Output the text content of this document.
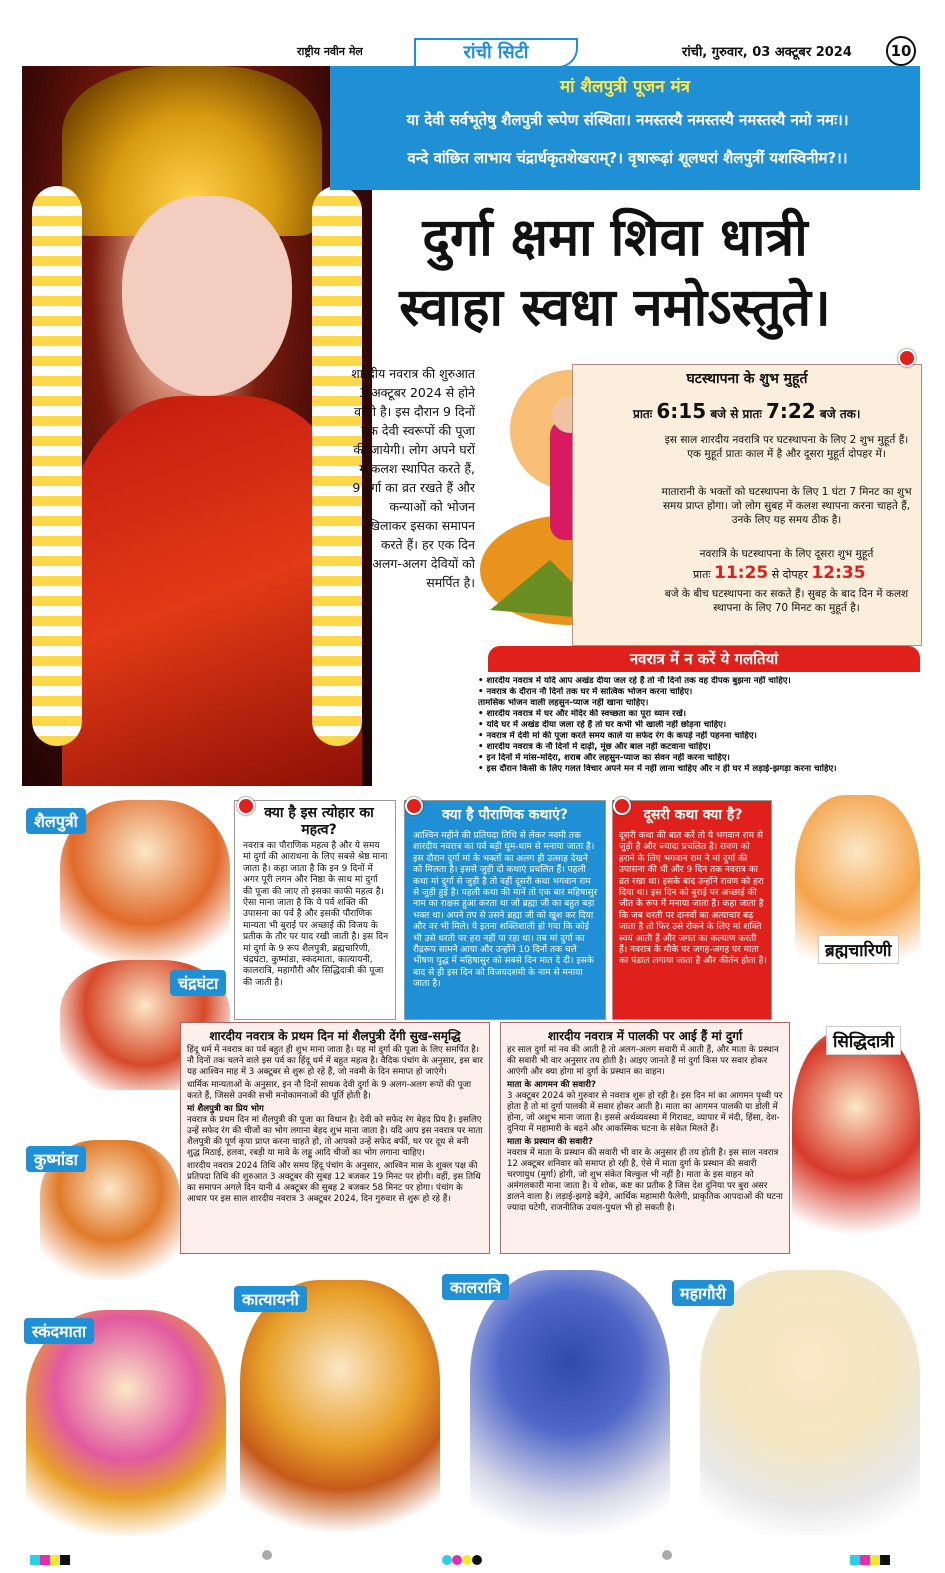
राष्ट्रीय नवीन मेल	रांची सिटी	रांची, गुरुवार, 03 अक्टूबर 2024	10
मां शैलपुत्री पूजन मंत्र
या देवी सर्वभूतेषु शैलपुत्री रूपेण संस्थिता। नमस्तस्यै नमस्तस्यै नमस्तस्यै नमो नमः।।
वन्दे वांछित लाभाय चंद्रार्धकृतशेखराम्?। वृषारूढ़ां शूलधरां शैलपुत्रीं यशस्विनीम?।।
दुर्गा क्षमा शिवा धात्री
स्वाहा स्वधा नमोऽस्तुते।
शारदीय नवरात्र की शुरुआत 3 अक्टूबर 2024 से होने वाली है। इस दौरान 9 दिनों तक देवी स्वरूपों की पूजा की जायेगी। लोग अपने घरों में कलश स्थापित करते हैं, 9 दुर्गा का व्रत रखते हैं और कन्याओं को भोजन खिलाकर इसका समापन करते हैं। हर एक दिन अलग-अलग देवियों को समर्पित है।
घटस्थापना के शुभ मुहूर्त
प्रातः 6:15 बजे से प्रातः 7:22 बजे तक।
इस साल शारदीय नवरात्रि पर घटस्थापना के लिए 2 शुभ मुहूर्त हैं। एक मुहूर्त प्रातः काल में है और दूसरा मुहूर्त दोपहर में।
मातारानी के भक्तों को घटस्थापना के लिए 1 घंटा 7 मिनट का शुभ समय प्राप्त होगा। जो लोग सुबह में कलश स्थापना करना चाहते हैं, उनके लिए यह समय ठीक है।
नवरात्रि के घटस्थापना के लिए दूसरा शुभ मुहूर्त
प्रातः 11:25 से दोपहर 12:35
बजे के बीच घटस्थापना कर सकते हैं। सुबह के बाद दिन में कलश स्थापना के लिए 70 मिनट का मुहूर्त है।
नवरात्र में न करें ये गलतियां
• शारदीय नवरात्र में यदि आप अखंड दीया जल रहे हैं तो नौ दिनों तक वह दीपक बुझना नहीं चाहिए।
• नवरात्र के दौरान नौ दिनों तक घर में सात्विक भोजन करना चाहिए।
तामसिक भोजन वाली लहसुन-प्याज नहीं खाना चाहिए।
• शारदीय नवरात्र में घर और मंदिर की स्वच्छता का पूरा ध्यान रखें।
• यदि घर में अखंड दीया जला रहे हैं तो घर कभी भी खाली नहीं छोड़ना चाहिए।
• नवरात्र में देवी मां की पूजा करते समय काले या सफेद रंग के कपड़े नहीं पहनना चाहिए।
• शारदीय नवरात्र के नौ दिनों में दाढ़ी, मूंछ और बाल नहीं कटवाना चाहिए।
• इन दिनों में मांस-मदिरा, शराब और लहसुन-प्याज का सेवन नहीं करना चाहिए।
• इस दौरान किसी के लिए गलत विचार अपने मन में नहीं लाना चाहिए और न ही घर में लड़ाई-झगड़ा करना चाहिए।
शैलपुत्री
ब्रह्मचारिणी
चंद्रघंटा
क्या है इस त्योहार का महत्व?
नवरात्र का पौराणिक महत्व है और ये समय मां दुर्गा की आराधना के लिए सबसे श्रेष्ठ माना जाता है। कहा जाता है कि इन 9 दिनों में अगर पूरी लगन और निष्ठा के साथ मां दुर्गा की पूजा की जाए तो इसका काफी महत्व है। ऐसा माना जाता है कि ये पर्व शक्ति की उपासना का पर्व है और इसकी पौराणिक मान्यता भी बुराई पर अच्छाई की विजय के प्रतीक के तौर पर याद रखी जाती है। इस दिन मां दुर्गा के 9 रूप शैलपुत्री, ब्रह्मचारिणी, चंद्रघंटा, कुष्मांडा, स्कंदमाता, कात्यायनी, कालरात्रि, महागौरी और सिद्धिदात्री की पूजा की जाती है।
क्या है पौराणिक कथाएं?
आश्विन महीने की प्रतिपदा तिथि से लेकर नवमी तक शारदीय नवरात्र का पर्व बड़ी धूम-धाम से मनाया जाता है। इस दौरान दुर्गा मां के भक्तों का अलग ही उत्साह देखने को मिलता है। इससे जुड़ी दो कथाएं प्रचलित हैं। पहली कथा मां दुर्गा से जुड़ी है तो वहीं दूसरी कथा भगवान राम से जुड़ी हुई है। पहली कथा की मानें तो एक बार महिषासुर नाम का राक्षस हुआ करता था जो ब्रह्मा जी का बहुत बड़ा भक्त था। अपने तप से उसने ब्रह्मा जी को खुश कर दिया और वर भी मिले। ये इतना शक्तिशाली हो गया कि कोई भी उसे धरती पर हरा नहीं पा रहा था। तब मां दुर्गा का रौद्ररूप सामने आया और उन्होंने 10 दिनों तक चले भीषण युद्ध में महिषासुर को सबसे दिन मात दे दी। इसके बाद से ही इस दिन को विजयदशमी के नाम से मनाया जाता है।
दूसरी कथा क्या है?
दूसरी कथा की बात करें तो ये भगवान राम से जुड़ी है और ज्यादा प्रचलित है। रावण को हराने के लिए भगवान राम ने मां दुर्गा की उपासना की थी और 9 दिन तक नवरात्र का व्रत रखा था। इसके बाद उन्होंने रावण को हरा दिया था। इस दिन को बुराई पर अच्छाई की जीत के रूप में मनाया जाता है। कहा जाता है कि जब धरती पर दानवों का अत्याचार बढ़ जाता है तो फिर उसे रोकने के लिए मां शक्ति स्वयं आती हैं और जगत का कल्याण करती हैं। नवरात्र के मौके पर जगह-जगह पर माता का पंडाल लगाया जाता है और कीर्तन होता है।
शारदीय नवरात्र के प्रथम दिन मां शैलपुत्री देंगी सुख-समृद्धि
हिंदू धर्म में नवरात्र का पर्व बहुत ही शुभ माना जाता है। यह मां दुर्गा की पूजा के लिए समर्पित है। नौ दिनों तक चलने वाले इस पर्व का हिंदू धर्म में बहुत महत्व है। वैदिक पंचांग के अनुसार, इस बार यह आश्विन माह में 3 अक्टूबर से शुरू हो रहे हैं, जो नवमी के दिन समाप्त हो जाएंगे।
धार्मिक मान्यताओं के अनुसार, इन नौ दिनों साधक देवी दुर्गा के 9 अलग-अलग रूपों की पूजा करते हैं, जिससे उनकी सभी मनोकामनाओं की पूर्ति होती है।
मां शैलपुत्री का प्रिय भोग
नवरात्र के प्रथम दिन मां शैलपुत्री की पूजा का विधान है। देवी को सफेद रंग बेहद प्रिय है। इसलिए उन्हें सफेद रंग की चीजों का भोग लगाना बेहद शुभ माना जाता है। यदि आप इस नवरात्र पर माता शैलपुत्री की पूर्ण कृपा प्राप्त करना चाहते हो, तो आपको उन्हें सफेद बर्फी, घर पर दूध से बनी शुद्ध मिठाई, हलवा, रबड़ी या मावे के लड्डू आदि चीजों का भोग लगाना चाहिए।
शारदीय नवरात्र 2024 तिथि और समय हिंदू पंचांग के अनुसार, आश्विन मास के शुक्ल पक्ष की प्रतिपदा तिथि की शुरुआत 3 अक्टूबर की सुबह 12 बजकर 19 मिनट पर होगी। वहीं, इस तिथि का समापन अगले दिन यानी 4 अक्टूबर की सुबह 2 बजकर 58 मिनट पर होगा। पंचांग के आधार पर इस साल शारदीय नवरात्र 3 अक्टूबर 2024, दिन गुरुवार से शुरू हो रहे हैं।
शारदीय नवरात्र में पालकी पर आई हैं मां दुर्गा
हर साल दुर्गा मां नव की आती है तो अलग-अलग सवारी में आती हैं, और माता के प्रस्थान की सवारी भी वार अनुसार तय होती है। आइए जानते हैं मां दुर्गा किस पर सवार होकर आएंगी और क्या होगा मां दुर्गा के प्रस्थान का वाहन।
माता के आगमन की सवारी?
3 अक्टूबर 2024 को गुरुवार से नवरात्र शुरू हो रही है। इस दिन मां का आगमन पृथ्वी पर होता है तो मां दुर्गा पालकी में सवार होकर आती है। माता का आगमन पालकी या डोली में होना, जो अशुभ माना जाता है। इससे अर्थव्यवस्था में गिरावट, व्यापार में मंदी, हिंसा, देश-दुनिया में महामारी के बढ़ने और आकस्मिक घटना के संकेत मिलते हैं।
माता के प्रस्थान की सवारी?
नवरात्र में माता के प्रस्थान की सवारी भी वार के अनुसार ही तय होती है। इस साल नवरात्र 12 अक्टूबर शनिवार को समाप्त हो रही है, ऐसे में माता दुर्गा के प्रस्थान की सवारी चरणायुध (मुर्गा) होगी, जो शुभ संकेत बिल्कुल भी नहीं है। माता के इस वाहन को अमंगलकारी माना जाता है। ये शोक, कष्ट का प्रतीक है जिस देश दुनिया पर बुरा असर डालने वाला है। लड़ाई-झगड़े बढ़ेंगे, आर्थिक महामारी फैलेगी, प्राकृतिक आपदाओं की घटना ज्यादा घटेगी, राजनीतिक उथल-पुथल भी हो सकती है।
कुष्मांडा
सिद्धिदात्री
स्कंदमाता
कात्यायनी
कालरात्रि	महागौरी
